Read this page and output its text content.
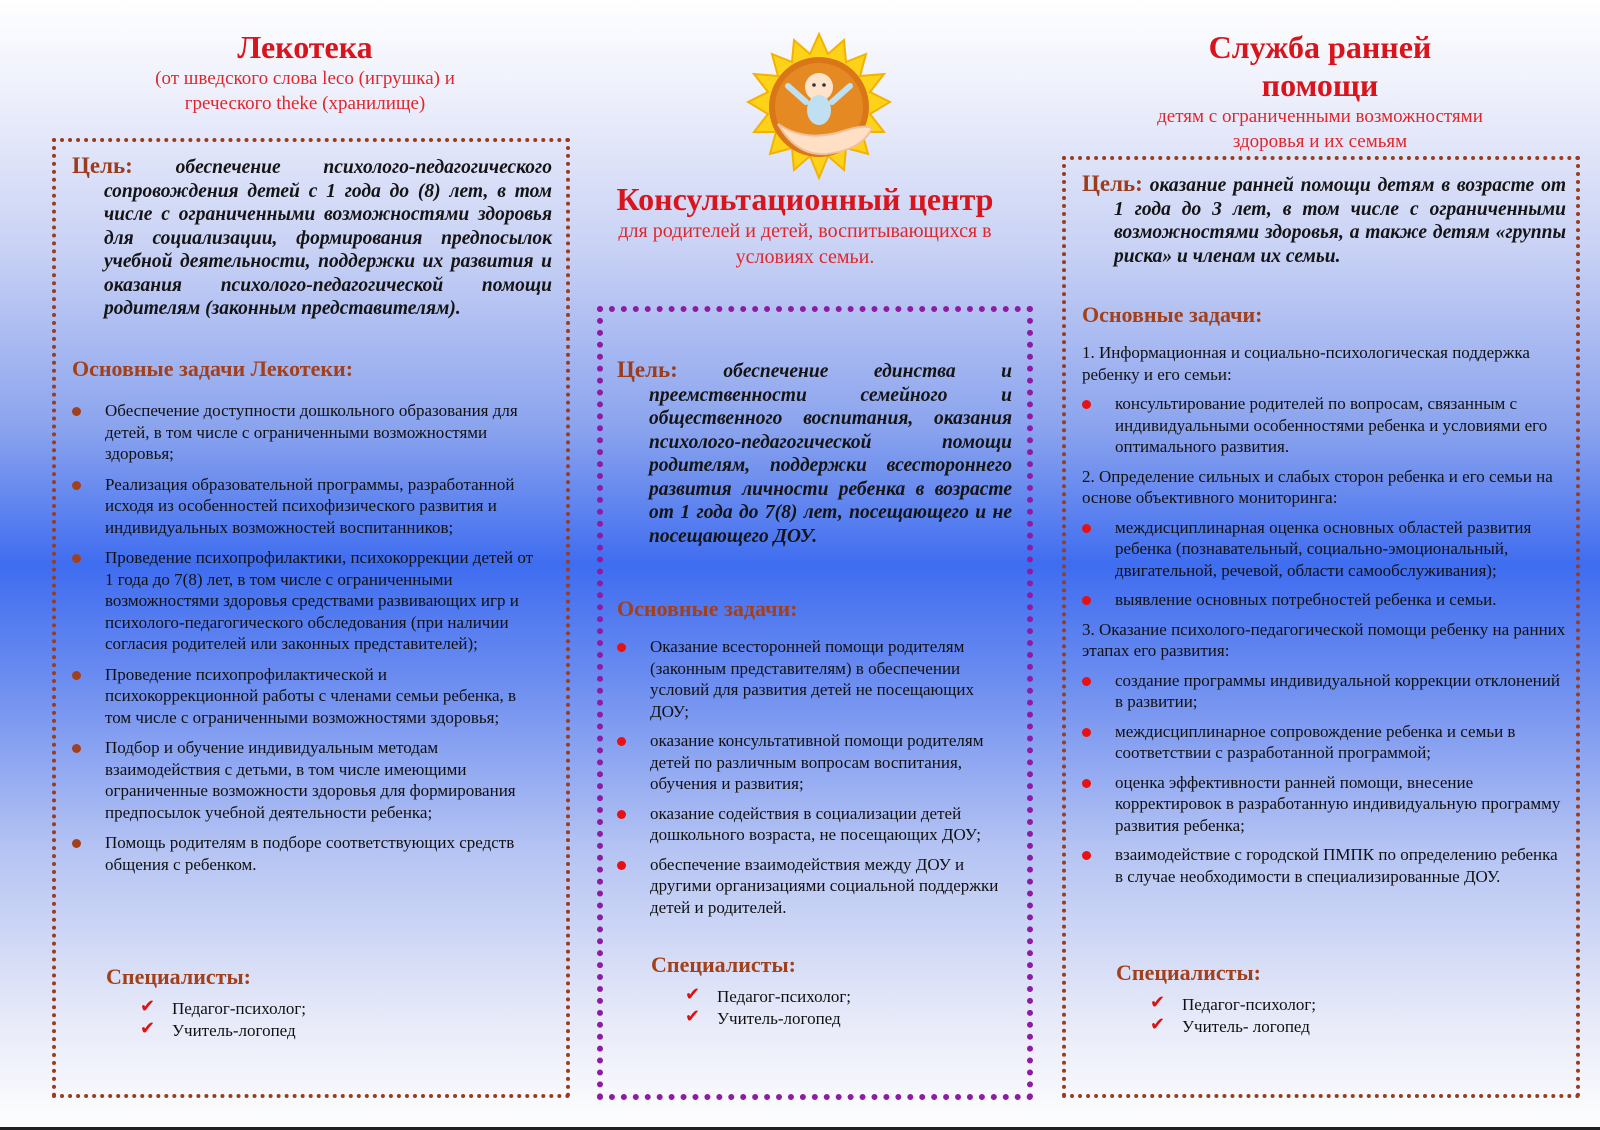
Лекотека
(от шведского слова leco (игрушка) и
греческого theke (хранилище)
Цель: обеспечение психолого-педагогического сопровождения детей с 1 года до (8) лет, в том числе с ограниченными возможностями здоровья для социализации, формирования предпосылок учебной деятельности, поддержки их развития и оказания психолого-педагогической помощи родителям (законным представителям).
Основные задачи Лекотеки:
Обеспечение доступности дошкольного образования для детей, в том числе с ограниченными возможностями здоровья;
Реализация образовательной программы, разработанной исходя из особенностей психофизического развития и индивидуальных возможностей воспитанников;
Проведение психопрофилактики, психокоррекции детей от 1 года до 7(8) лет, в том числе с ограниченными возможностями здоровья средствами развивающих игр и психолого-педагогического обследования (при наличии согласия родителей или законных представителей);
Проведение психопрофилактической и психокоррекционной работы с членами семьи ребенка, в том числе с ограниченными возможностями здоровья;
Подбор и обучение индивидуальным методам взаимодействия с детьми, в том числе имеющими ограниченные возможности здоровья для формирования предпосылок учебной деятельности ребенка;
Помощь родителям в подборе соответствующих средств общения с ребенком.
Специалисты:
✔ Педагог-психолог;
✔ Учитель-логопед
Консультационный центр
для родителей и детей, воспитывающихся в
условиях семьи.
Цель: обеспечение единства и преемственности семейного и общественного воспитания, оказания психолого-педагогической помощи родителям, поддержки всестороннего развития личности ребенка в возрасте от 1 года до 7(8) лет, посещающего и не посещающего ДОУ.
Основные задачи:
Оказание всесторонней помощи родителям (законным представителям) в обеспечении условий для развития детей не посещающих ДОУ;
оказание консультативной помощи родителям детей по различным вопросам воспитания, обучения и развития;
оказание содействия в социализации детей дошкольного возраста, не посещающих ДОУ;
обеспечение взаимодействия между ДОУ и другими организациями социальной поддержки детей и родителей.
Специалисты:
✔ Педагог-психолог;
✔ Учитель-логопед
Служба ранней
помощи
детям с ограниченными возможностями
здоровья и их семьям
Цель: оказание ранней помощи детям в возрасте от 1 года до 3 лет, в том числе с ограниченными возможностями здоровья, а также детям «группы риска» и членам их семьи.
Основные задачи:
1. Информационная и социально-психологическая поддержка ребенку и его семьи:
консультирование родителей по вопросам, связанным с индивидуальными особенностями ребенка и условиями его оптимального развития.
2. Определение сильных и слабых сторон ребенка и его семьи на основе объективного мониторинга:
междисциплинарная оценка основных областей развития ребенка (познавательный, социально-эмоциональный, двигательной, речевой, области самообслуживания);
выявление основных потребностей ребенка и семьи.
3. Оказание психолого-педагогической помощи ребенку на ранних этапах его развития:
создание программы индивидуальной коррекции отклонений в развитии;
междисциплинарное сопровождение ребенка и семьи в соответствии с разработанной программой;
оценка эффективности ранней помощи, внесение корректировок в разработанную индивидуальную программу развития ребенка;
взаимодействие с городской ПМПК по определению ребенка в случае необходимости в специализированные ДОУ.
Специалисты:
✔ Педагог-психолог;
✔ Учитель- логопед
